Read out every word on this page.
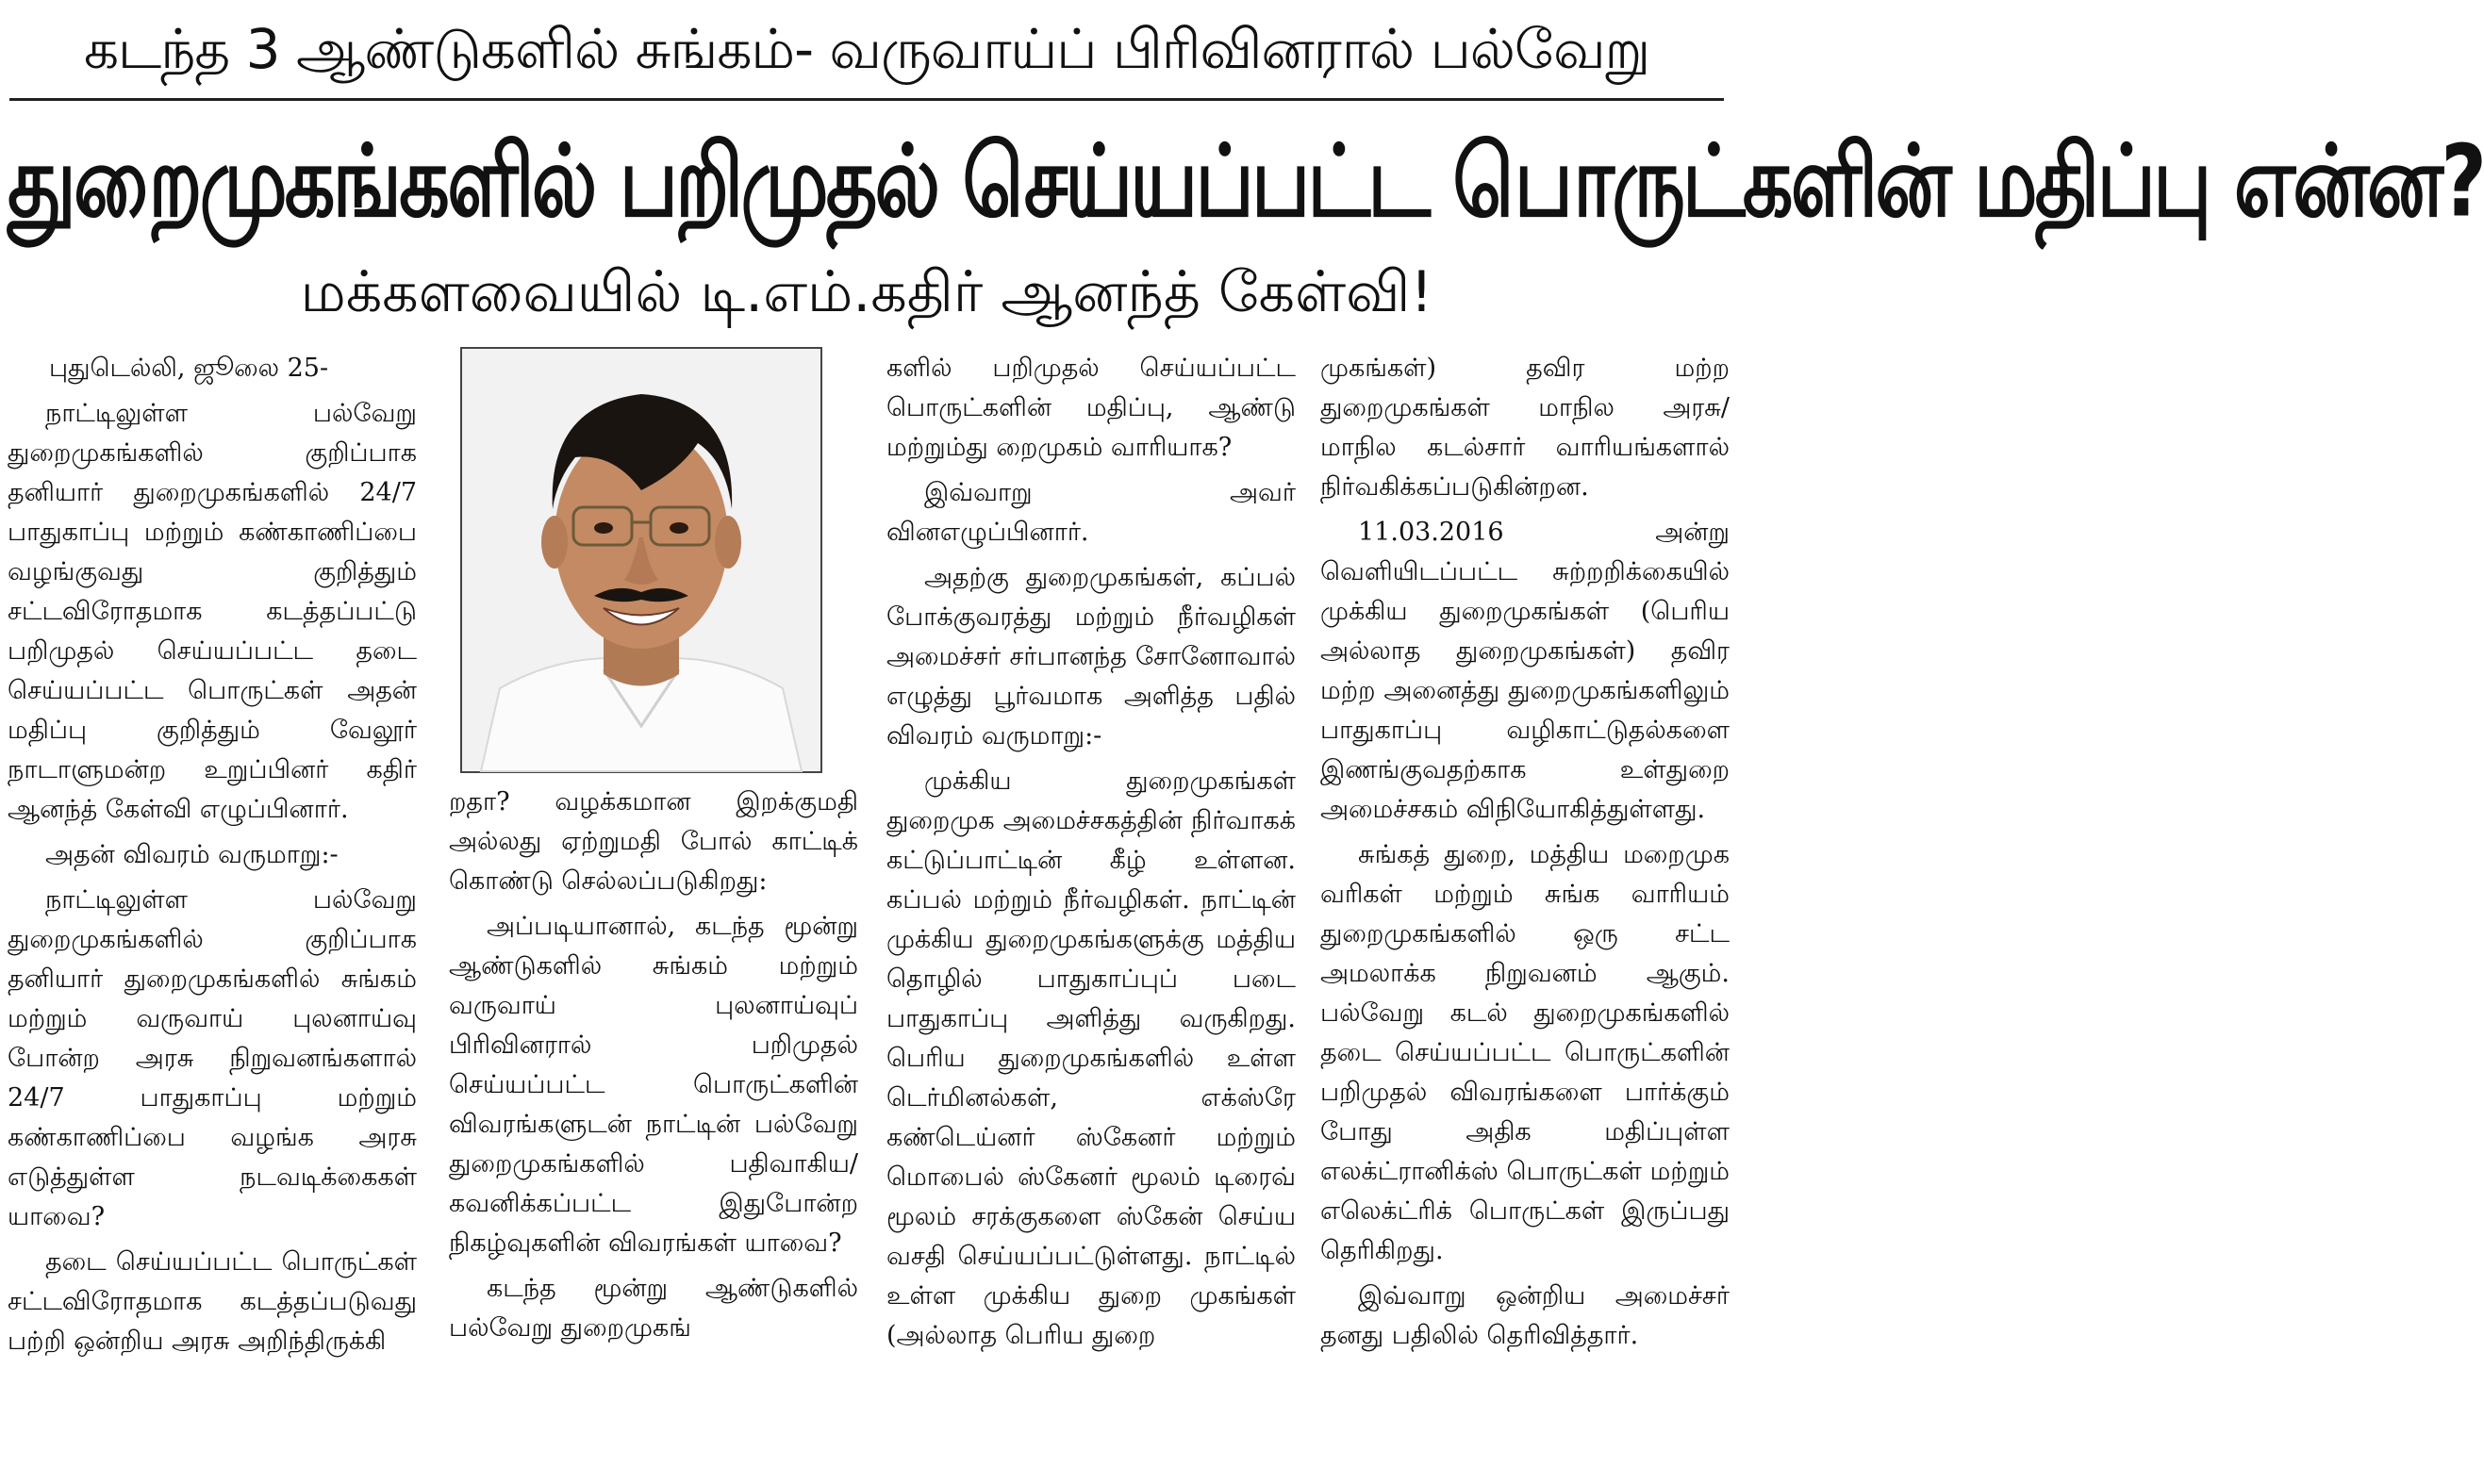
கடந்த 3 ஆண்டுகளில் சுங்கம்- வருவாய்ப் பிரிவினரால் பல்வேறு
துறைமுகங்களில் பறிமுதல் செய்யப்பட்ட பொருட்களின் மதிப்பு என்ன?
மக்களவையில் டி.எம்.கதிர் ஆனந்த் கேள்வி!

புதுடெல்லி, ஜூலை 25-

நாட்டிலுள்ள பல்வேறு துறைமுகங்களில் குறிப்பாக தனியார் துறைமுகங்களில் 24/7 பாதுகாப்பு மற்றும் கண்காணிப்பை வழங்குவது குறித்தும் சட்டவிரோதமாக கடத்தப்பட்டு பறிமுதல் செய்யப்பட்ட தடை செய்யப்பட்ட பொருட்கள் அதன் மதிப்பு குறித்தும் வேலூர் நாடாளுமன்ற உறுப்பினர் கதிர் ஆனந்த் கேள்வி எழுப்பினார்.

அதன் விவரம் வருமாறு:-

நாட்டிலுள்ள பல்வேறு துறைமுகங்களில் குறிப்பாக தனியார் துறைமுகங்களில் சுங்கம் மற்றும் வருவாய் புலனாய்வு போன்ற அரசு நிறுவனங்களால் 24/7 பாதுகாப்பு மற்றும் கண்காணிப்பை வழங்க அரசு எடுத்துள்ள நடவடிக்கைகள் யாவை?

தடை செய்யப்பட்ட பொருட்கள் சட்டவிரோதமாக கடத்தப்படுவது பற்றி ஒன்றிய அரசு அறிந்திருக்கி

றதா? வழக்கமான இறக்குமதி அல்லது ஏற்றுமதி போல் காட்டிக் கொண்டு செல்லப்படுகிறது:

அப்படியானால், கடந்த மூன்று ஆண்டுகளில் சுங்கம் மற்றும் வருவாய் புலனாய்வுப் பிரிவினரால் பறிமுதல் செய்யப்பட்ட பொருட்களின் விவரங்களுடன் நாட்டின் பல்வேறு துறைமுகங்களில் பதிவாகிய/கவனிக்கப்பட்ட இதுபோன்ற நிகழ்வுகளின் விவரங்கள் யாவை?

கடந்த மூன்று ஆண்டுகளில் பல்வேறு துறைமுகங்

களில் பறிமுதல் செய்யப்பட்ட பொருட்களின் மதிப்பு, ஆண்டு மற்றும்து றைமுகம் வாரியாக?

இவ்வாறு அவர் வினஎழுப்பினார்.

அதற்கு துறைமுகங்கள், கப்பல் போக்குவரத்து மற்றும் நீர்வழிகள் அமைச்சர் சர்பானந்த சோனோவால் எழுத்து பூர்வமாக அளித்த பதில் விவரம் வருமாறு:-

முக்கிய துறைமுகங்கள் துறைமுக அமைச்சகத்தின் நிர்வாகக் கட்டுப்பாட்டின் கீழ் உள்ளன. கப்பல் மற்றும் நீர்வழிகள். நாட்டின் முக்கிய துறைமுகங்களுக்கு மத்திய தொழில் பாதுகாப்புப் படை பாதுகாப்பு அளித்து வருகிறது. பெரிய துறைமுகங்களில் உள்ள டெர்மினல்கள், எக்ஸ்ரே கண்டெய்னர் ஸ்கேனர் மற்றும் மொபைல் ஸ்கேனர் மூலம் டிரைவ் மூலம் சரக்குகளை ஸ்கேன் செய்ய வசதி செய்யப்பட்டுள்ளது. நாட்டில் உள்ள முக்கிய துறை முகங்கள் (அல்லாத பெரிய துறை

முகங்கள்) தவிர மற்ற துறைமுகங்கள் மாநில அரசு/ மாநில கடல்சார் வாரியங்களால் நிர்வகிக்கப்படுகின்றன.

11.03.2016 அன்று வெளியிடப்பட்ட சுற்றறிக்கையில் முக்கிய துறைமுகங்கள் (பெரிய அல்லாத துறைமுகங்கள்) தவிர மற்ற அனைத்து துறைமுகங்களிலும் பாதுகாப்பு வழிகாட்டுதல்களை இணங்குவதற்காக உள்துறை அமைச்சகம் விநியோகித்துள்ளது.

சுங்கத் துறை, மத்திய மறைமுக வரிகள் மற்றும் சுங்க வாரியம் துறைமுகங்களில் ஒரு சட்ட அமலாக்க நிறுவனம் ஆகும். பல்வேறு கடல் துறைமுகங்களில் தடை செய்யப்பட்ட பொருட்களின் பறிமுதல் விவரங்களை பார்க்கும் போது அதிக மதிப்புள்ள எலக்ட்ரானிக்ஸ் பொருட்கள் மற்றும் எலெக்ட்ரிக் பொருட்கள் இருப்பது தெரிகிறது.

இவ்வாறு ஒன்றிய அமைச்சர் தனது பதிலில் தெரிவித்தார்.
